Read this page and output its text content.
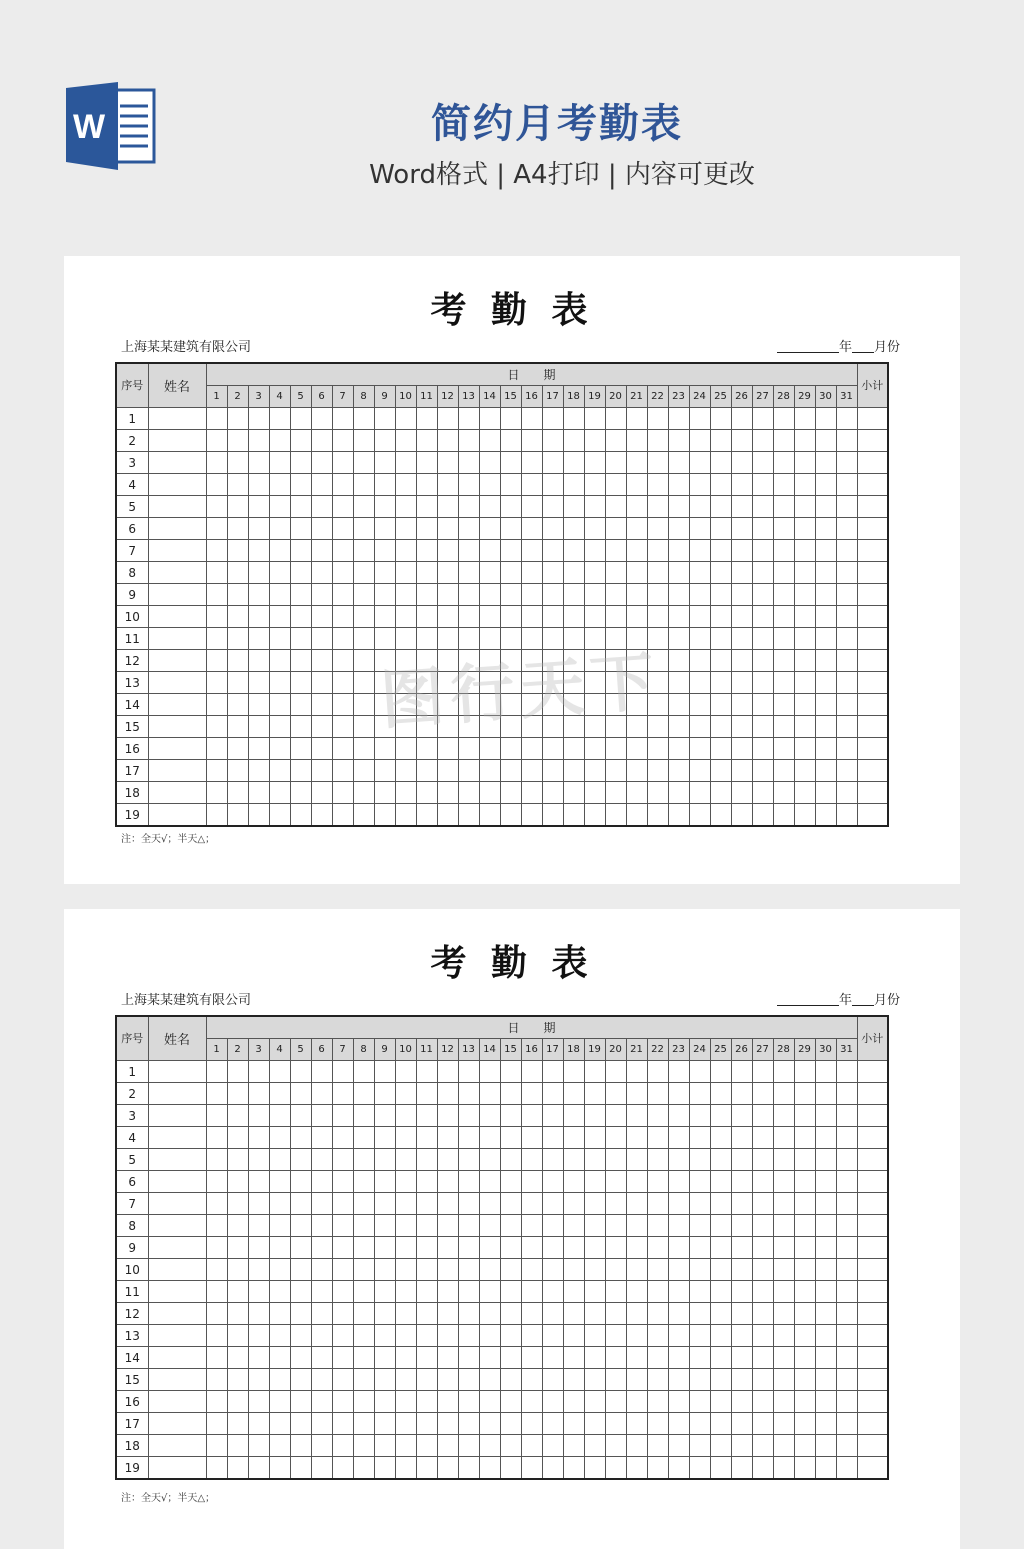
W	简约月考勤表
Word格式 | A4打印 | 内容可更改
考 勤 表
上海某某建筑有限公司	年 月份
序号	姓名	日　　期																															小计
		1	2	3	4	5	6	7	8	9	10	11	12	13	14	15	16	17	18	19	20	21	22	23	24	25	26	27	28	29	30	31	
1																																	
2																																	
3																																	
4																																	
5																																	
6																																	
7																																	
8																																	
9																																	
10																																	
11																																	
12																																	
13																																	
14																																	
15																																	
16																																	
17																																	
18																																	
19																																	
注：全天√；半天△；
考 勤 表
上海某某建筑有限公司	年 月份
序号	姓名	日　　期																															小计
		1	2	3	4	5	6	7	8	9	10	11	12	13	14	15	16	17	18	19	20	21	22	23	24	25	26	27	28	29	30	31	
1																																	
2																																	
3																																	
4																																	
5																																	
6																																	
7																																	
8																																	
9																																	
10																																	
11																																	
12																																	
13																																	
14																																	
15																																	
16																																	
17																																	
18																																	
19																																	
注：全天√；半天△；
图行天下
